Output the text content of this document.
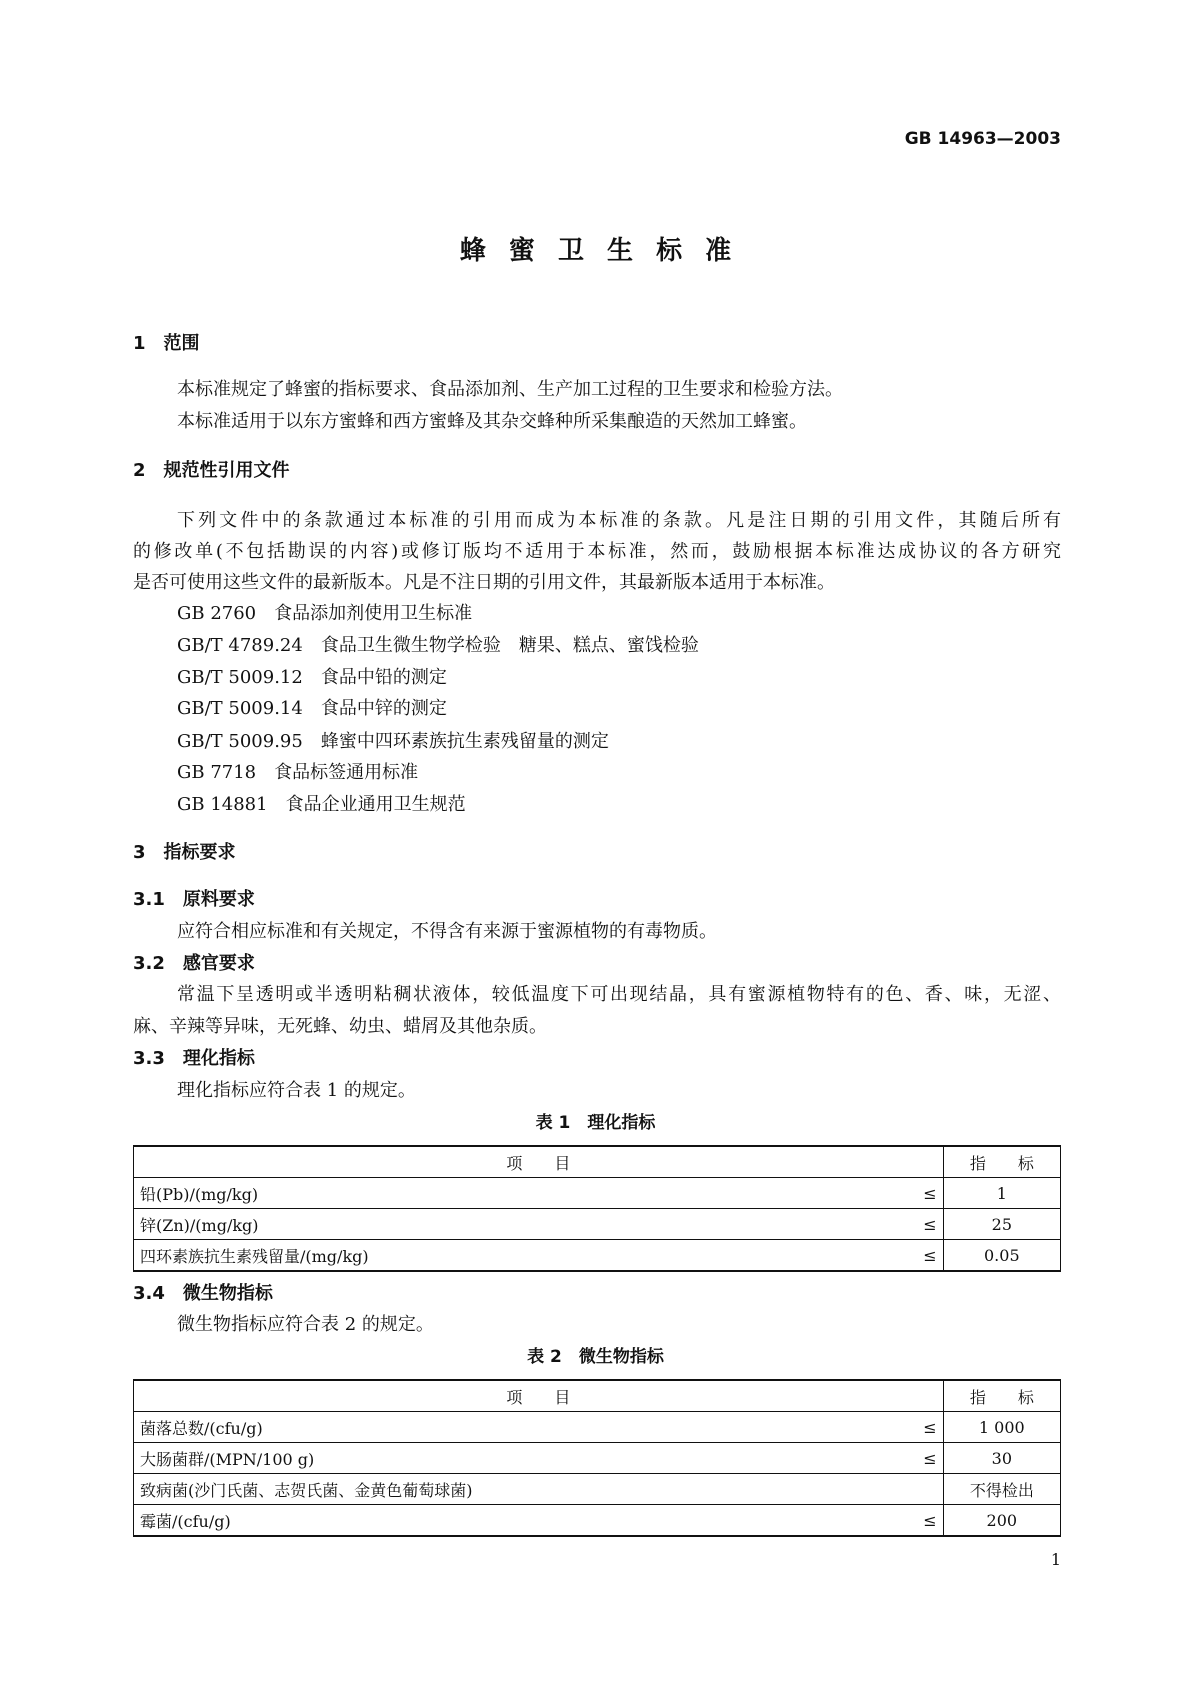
GB 14963—2003
蜂 蜜 卫 生 标 准
1　范围
本标准规定了蜂蜜的指标要求、食品添加剂、生产加工过程的卫生要求和检验方法。
本标准适用于以东方蜜蜂和西方蜜蜂及其杂交蜂种所采集酿造的天然加工蜂蜜。
2　规范性引用文件
下列文件中的条款通过本标准的引用而成为本标准的条款。凡是注日期的引用文件，其随后所有
的修改单(不包括勘误的内容)或修订版均不适用于本标准，然而，鼓励根据本标准达成协议的各方研究
是否可使用这些文件的最新版本。凡是不注日期的引用文件，其最新版本适用于本标准。
GB 2760　食品添加剂使用卫生标准
GB/T 4789.24　食品卫生微生物学检验　糖果、糕点、蜜饯检验
GB/T 5009.12　食品中铅的测定
GB/T 5009.14　食品中锌的测定
GB/T 5009.95　蜂蜜中四环素族抗生素残留量的测定
GB 7718　食品标签通用标准
GB 14881　食品企业通用卫生规范
3　指标要求
3.1　原料要求
应符合相应标准和有关规定，不得含有来源于蜜源植物的有毒物质。
3.2　感官要求
常温下呈透明或半透明粘稠状液体，较低温度下可出现结晶，具有蜜源植物特有的色、香、味，无涩、
麻、辛辣等异味，无死蜂、幼虫、蜡屑及其他杂质。
3.3　理化指标
理化指标应符合表 1 的规定。
表 1　理化指标
项　　目		指　　标
铅(Pb)/(mg/kg)	≤	1
锌(Zn)/(mg/kg)	≤	25
四环素族抗生素残留量/(mg/kg)	≤	0.05
3.4　微生物指标
微生物指标应符合表 2 的规定。
表 2　微生物指标
项　　目		指　　标
菌落总数/(cfu/g)	≤	1 000
大肠菌群/(MPN/100 g)	≤	30
致病菌(沙门氏菌、志贺氏菌、金黄色葡萄球菌)		不得检出
霉菌/(cfu/g)	≤	200
1
